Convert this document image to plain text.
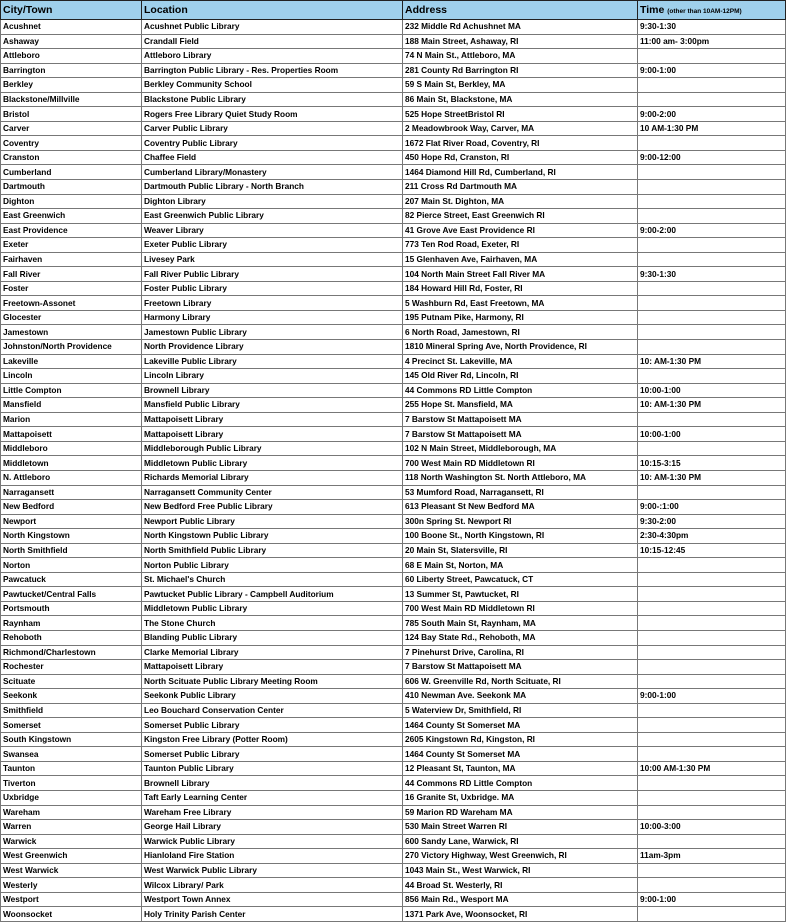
City/Town	Location	Address	Time (other than 10AM-12PM)
Acushnet	Acushnet Public Library	232 Middle Rd Achushnet MA	9:30-1:30
Ashaway	Crandall Field	188 Main Street, Ashaway, RI	11:00 am- 3:00pm
Attleboro	Attleboro Library	74 N Main St., Attleboro, MA	
Barrington	Barrington Public Library - Res. Properties Room	281 County Rd Barrington RI	9:00-1:00
Berkley	Berkley Community School	59 S Main St, Berkley, MA	
Blackstone/Millville	Blackstone Public Library	86 Main St, Blackstone, MA	
Bristol	Rogers Free Library Quiet Study Room	525 Hope StreetBristol RI	9:00-2:00
Carver	Carver Public Library	2 Meadowbrook Way, Carver, MA	10 AM-1:30 PM
Coventry	Coventry Public Library	1672 Flat River Road, Coventry, RI	
Cranston	Chaffee Field	450 Hope Rd, Cranston, RI	9:00-12:00
Cumberland	Cumberland Library/Monastery	1464 Diamond Hill Rd, Cumberland, RI	
Dartmouth	Dartmouth Public Library - North Branch	211 Cross Rd Dartmouth MA	
Dighton	Dighton Library	207 Main St. Dighton, MA	
East Greenwich	East Greenwich Public Library	82 Pierce Street, East Greenwich RI	
East Providence	Weaver Library	41 Grove Ave East Providence RI	9:00-2:00
Exeter	Exeter Public Library	773 Ten Rod Road, Exeter, RI	
Fairhaven	Livesey Park	15 Glenhaven Ave, Fairhaven, MA	
Fall River	Fall River Public Library	104 North Main Street Fall River MA	9:30-1:30
Foster	Foster Public Library	184 Howard Hill Rd, Foster, RI	
Freetown-Assonet	Freetown Library	5 Washburn Rd, East Freetown, MA	
Glocester	Harmony Library	195 Putnam Pike, Harmony, RI	
Jamestown	Jamestown Public Library	6 North Road, Jamestown, RI	
Johnston/North Providence	North Providence Library	1810 Mineral Spring Ave, North Providence, RI	
Lakeville	Lakeville Public Library	4 Precinct St. Lakeville, MA	10: AM-1:30 PM
Lincoln	Lincoln Library	145 Old River Rd, Lincoln, RI	
Little Compton	Brownell Library	44 Commons RD Little Compton	10:00-1:00
Mansfield	Mansfield Public Library	255 Hope St. Mansfield, MA	10: AM-1:30 PM
Marion	Mattapoisett Library	7 Barstow St Mattapoisett MA	
Mattapoisett	Mattapoisett Library	7 Barstow St Mattapoisett MA	10:00-1:00
Middleboro	Middleborough Public Library	102 N Main Street, Middleborough, MA	
Middletown	Middletown Public Library	700 West Main RD Middletown RI	10:15-3:15
N. Attleboro	Richards Memorial Library	118 North Washington St. North Attleboro, MA	10: AM-1:30 PM
Narragansett	Narragansett Community Center	53 Mumford Road, Narragansett, RI	
New Bedford	New Bedford Free Public Library	613 Pleasant St New Bedford MA	9:00-:1:00
Newport	Newport Public Library	300n Spring St. Newport RI	9:30-2:00
North Kingstown	North Kingstown Public Library	100 Boone St., North Kingstown, RI	2:30-4:30pm
North Smithfield	North Smithfield Public Library	20 Main St, Slatersville, RI	10:15-12:45
Norton	Norton Public Library	68 E Main St, Norton, MA	
Pawcatuck	St. Michael's Church	60 Liberty Street, Pawcatuck, CT	
Pawtucket/Central Falls	Pawtucket Public Library - Campbell Auditorium	13 Summer St, Pawtucket, RI	
Portsmouth	Middletown Public Library	700 West Main RD Middletown RI	
Raynham	The Stone Church	785 South Main St, Raynham, MA	
Rehoboth	Blanding Public Library	124 Bay State Rd., Rehoboth, MA	
Richmond/Charlestown	Clarke Memorial Library	7 Pinehurst Drive, Carolina, RI	
Rochester	Mattapoisett Library	7 Barstow St Mattapoisett MA	
Scituate	North Scituate Public Library Meeting Room	606 W. Greenville Rd, North Scituate, RI	
Seekonk	Seekonk Public Library	410 Newman Ave. Seekonk MA	9:00-1:00
Smithfield	Leo Bouchard Conservation Center	5 Waterview Dr, Smithfield, RI	
Somerset	Somerset Public Library	1464 County St Somerset MA	
South Kingstown	Kingston Free Library (Potter Room)	2605 Kingstown Rd, Kingston, RI	
Swansea	Somerset Public Library	1464 County St Somerset MA	
Taunton	Taunton Public Library	12 Pleasant St, Taunton, MA	10:00 AM-1:30 PM
Tiverton	Brownell Library	44 Commons RD Little Compton	
Uxbridge	Taft Early Learning Center	16 Granite St, Uxbridge. MA	
Wareham	Wareham Free Library	59 Marion RD Wareham MA	
Warren	George Hail Library	530 Main Street Warren RI	10:00-3:00
Warwick	Warwick Public Library	600 Sandy Lane, Warwick, RI	
West Greenwich	Hianloland Fire Station	270 Victory Highway, West Greenwich, RI	11am-3pm
West Warwick	West Warwick Public Library	1043 Main St., West Warwick, RI	
Westerly	Wilcox Library/ Park	44 Broad St. Westerly, RI	
Westport	Westport Town Annex	856 Main Rd., Wesport MA	9:00-1:00
Woonsocket	Holy Trinity Parish Center	1371 Park Ave, Woonsocket, RI	
